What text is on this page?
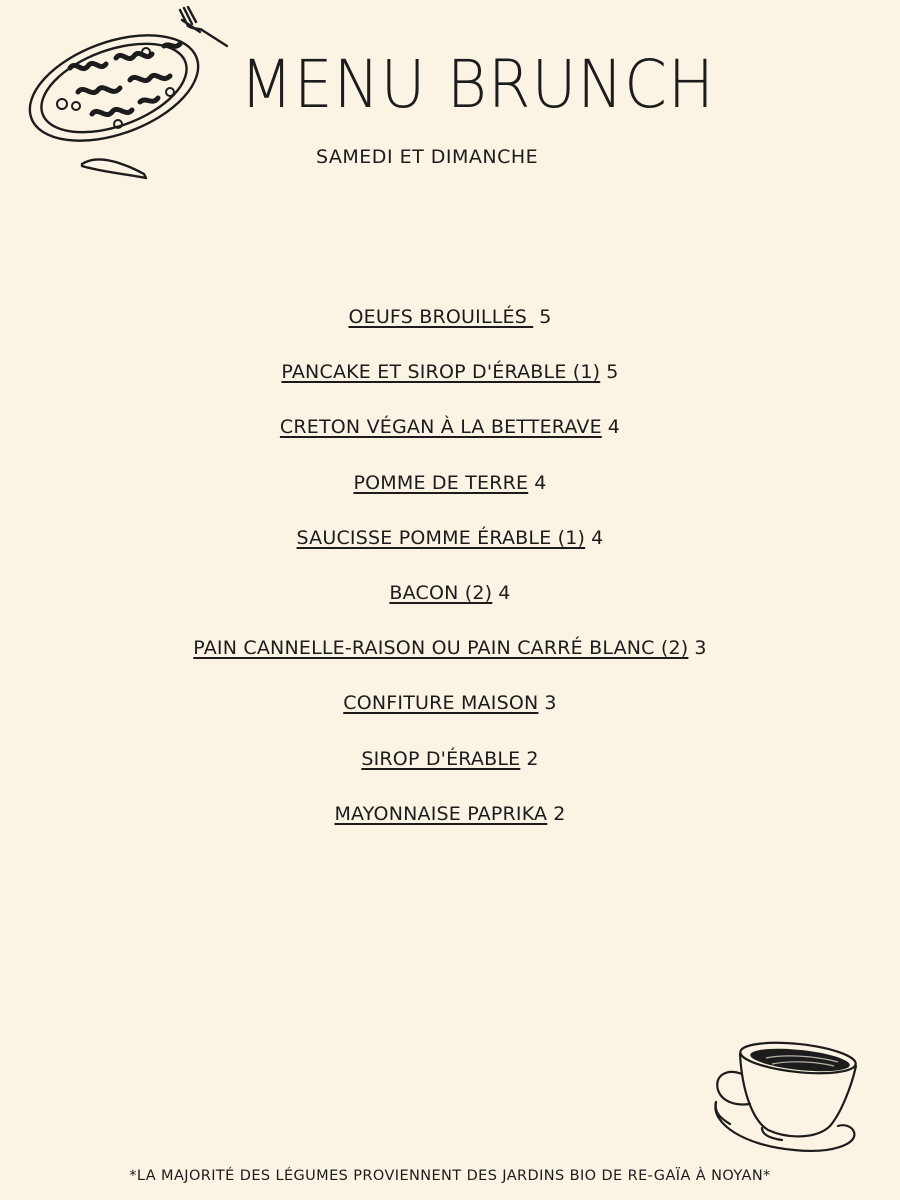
MENU BRUNCH
SAMEDI ET DIMANCHE
OEUFS BROUILLÉS 5
PANCAKE ET SIROP D'ÉRABLE (1) 5
CRETON VÉGAN À LA BETTERAVE 4
POMME DE TERRE 4
SAUCISSE POMME ÉRABLE (1) 4
BACON (2) 4
PAIN CANNELLE-RAISON OU PAIN CARRÉ BLANC (2) 3
CONFITURE MAISON 3
SIROP D'ÉRABLE 2
MAYONNAISE PAPRIKA 2
*LA MAJORITÉ DES LÉGUMES PROVIENNENT DES JARDINS BIO DE RE-GAÏA À NOYAN*
